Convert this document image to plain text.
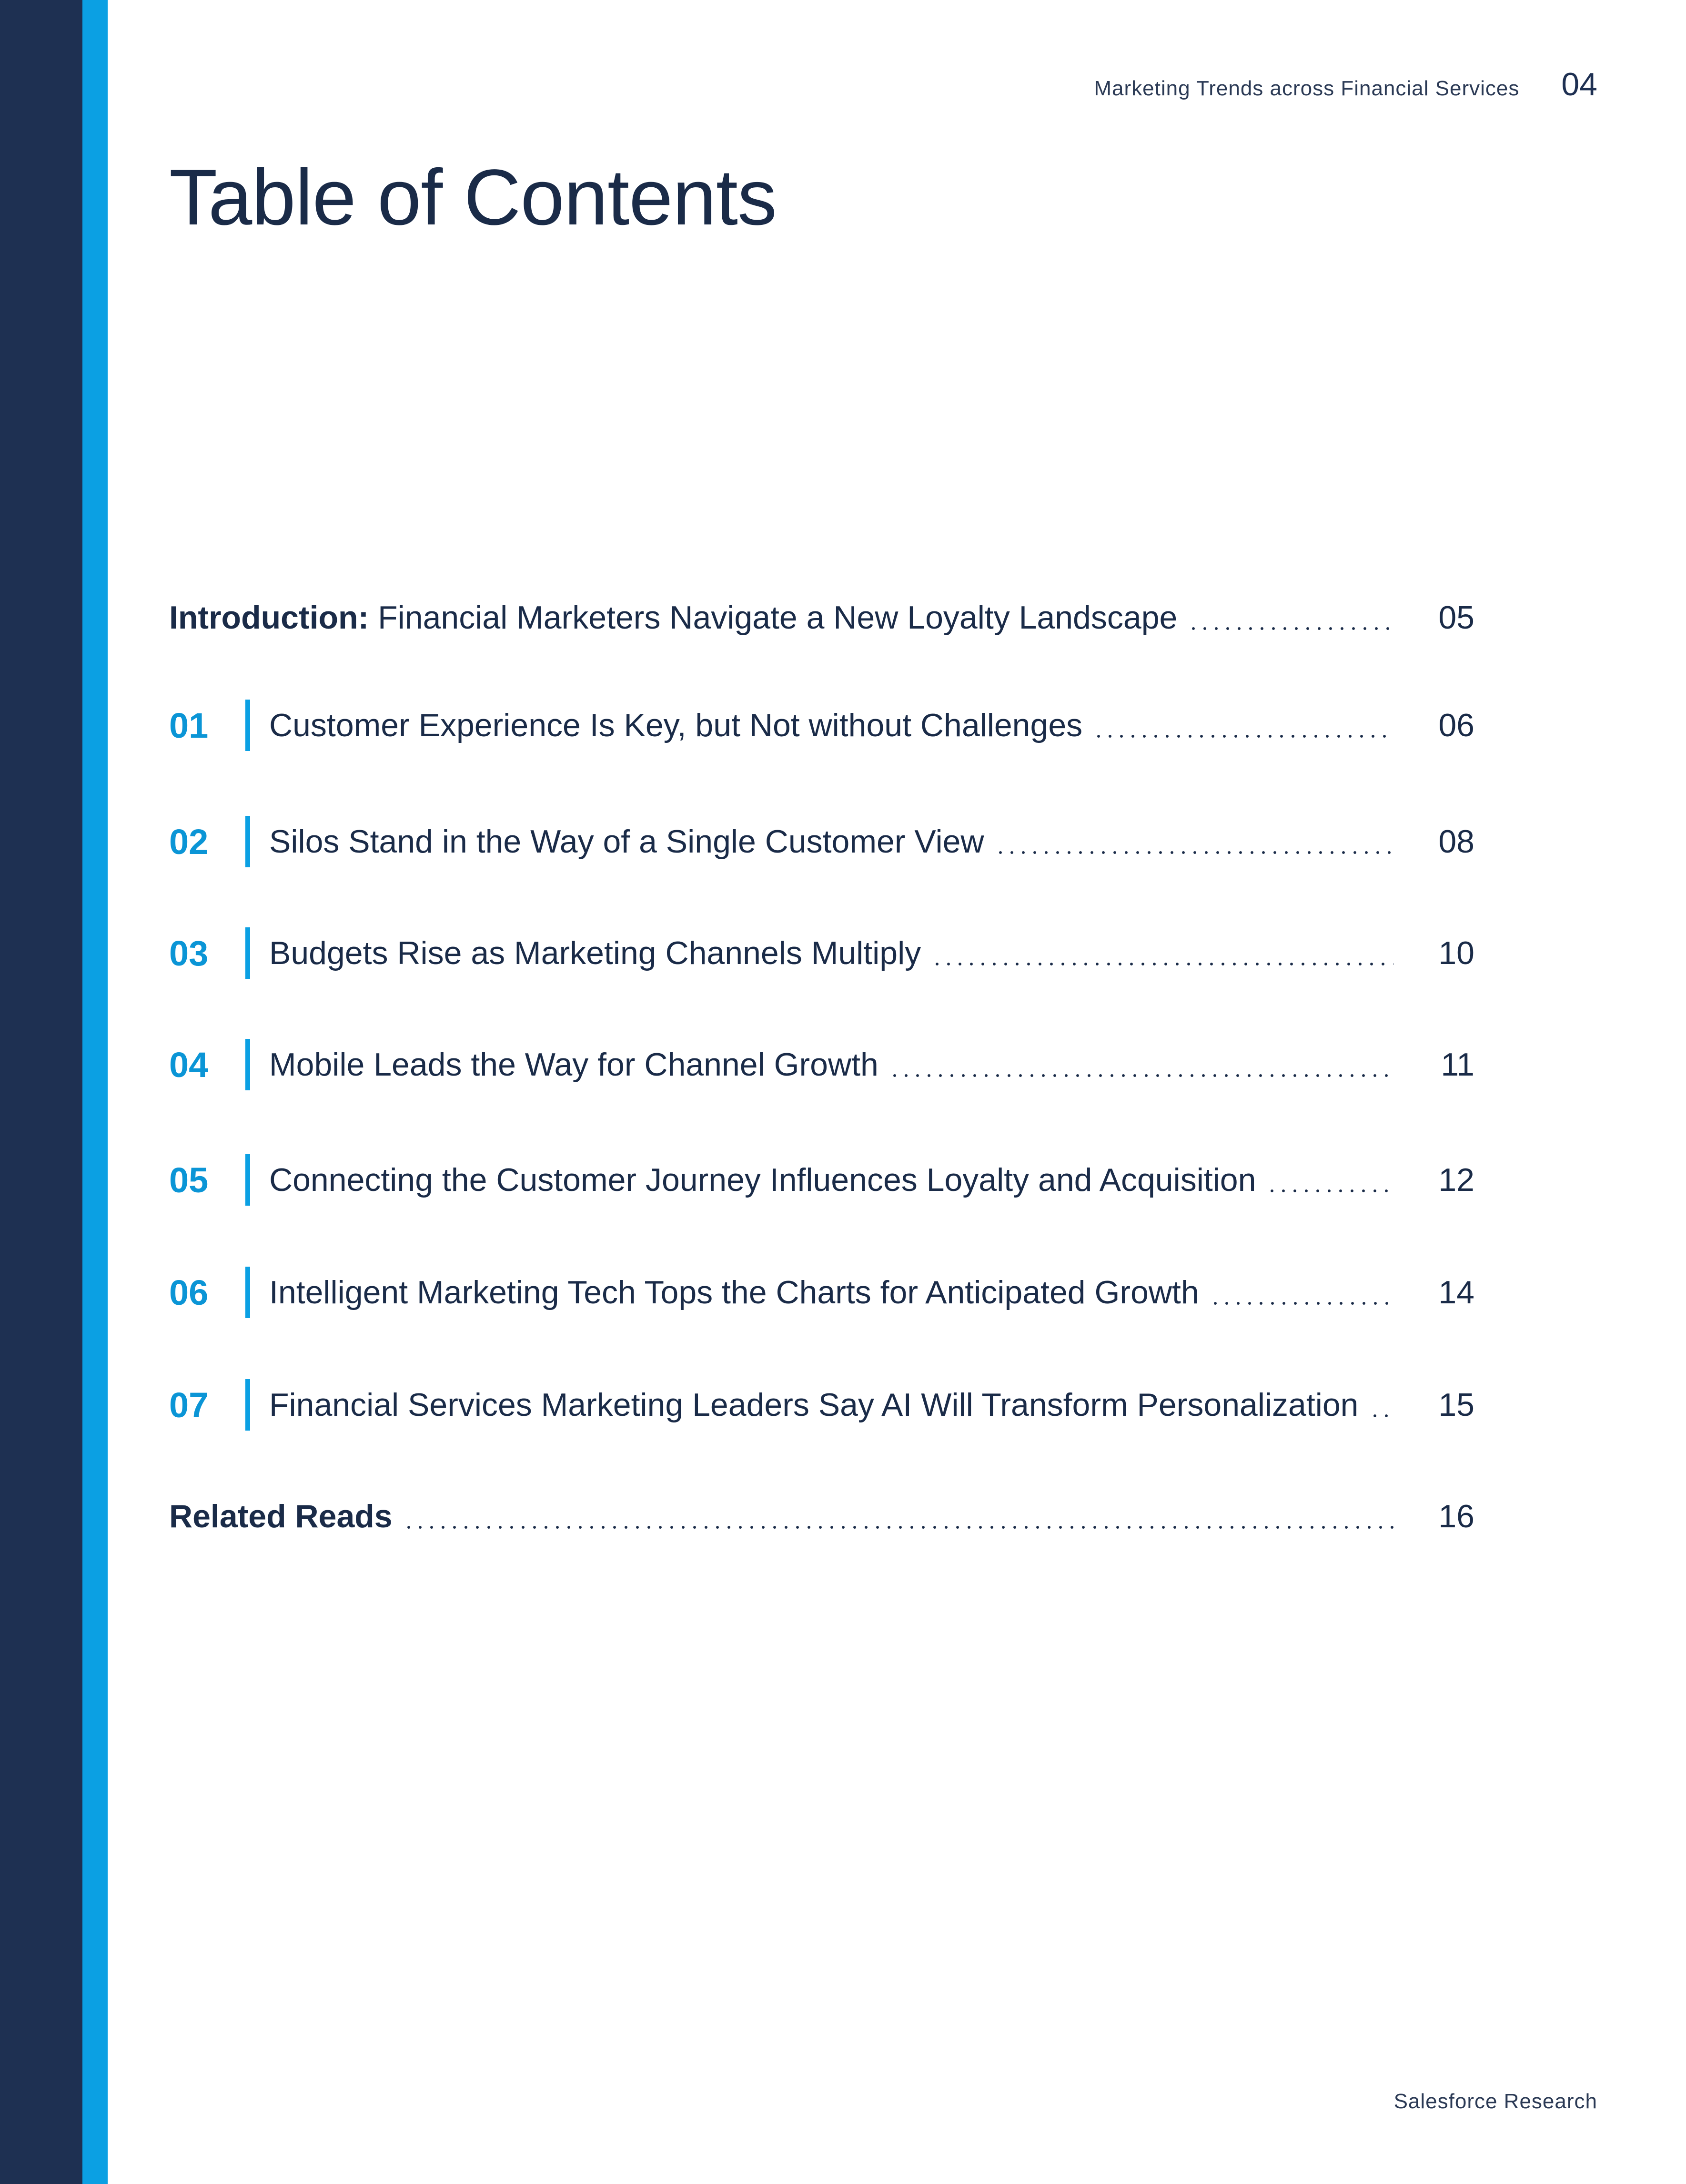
Marketing Trends across Financial Services 04
Table of Contents
Introduction: Financial Marketers Navigate a New Loyalty Landscape	05
01	Customer Experience Is Key, but Not without Challenges	06
02	Silos Stand in the Way of a Single Customer View	08
03	Budgets Rise as Marketing Channels Multiply	10
04	Mobile Leads the Way for Channel Growth	11
05	Connecting the Customer Journey Influences Loyalty and Acquisition	12
06	Intelligent Marketing Tech Tops the Charts for Anticipated Growth	14
07	Financial Services Marketing Leaders Say AI Will Transform Personalization	15
Related Reads	16
Salesforce Research
